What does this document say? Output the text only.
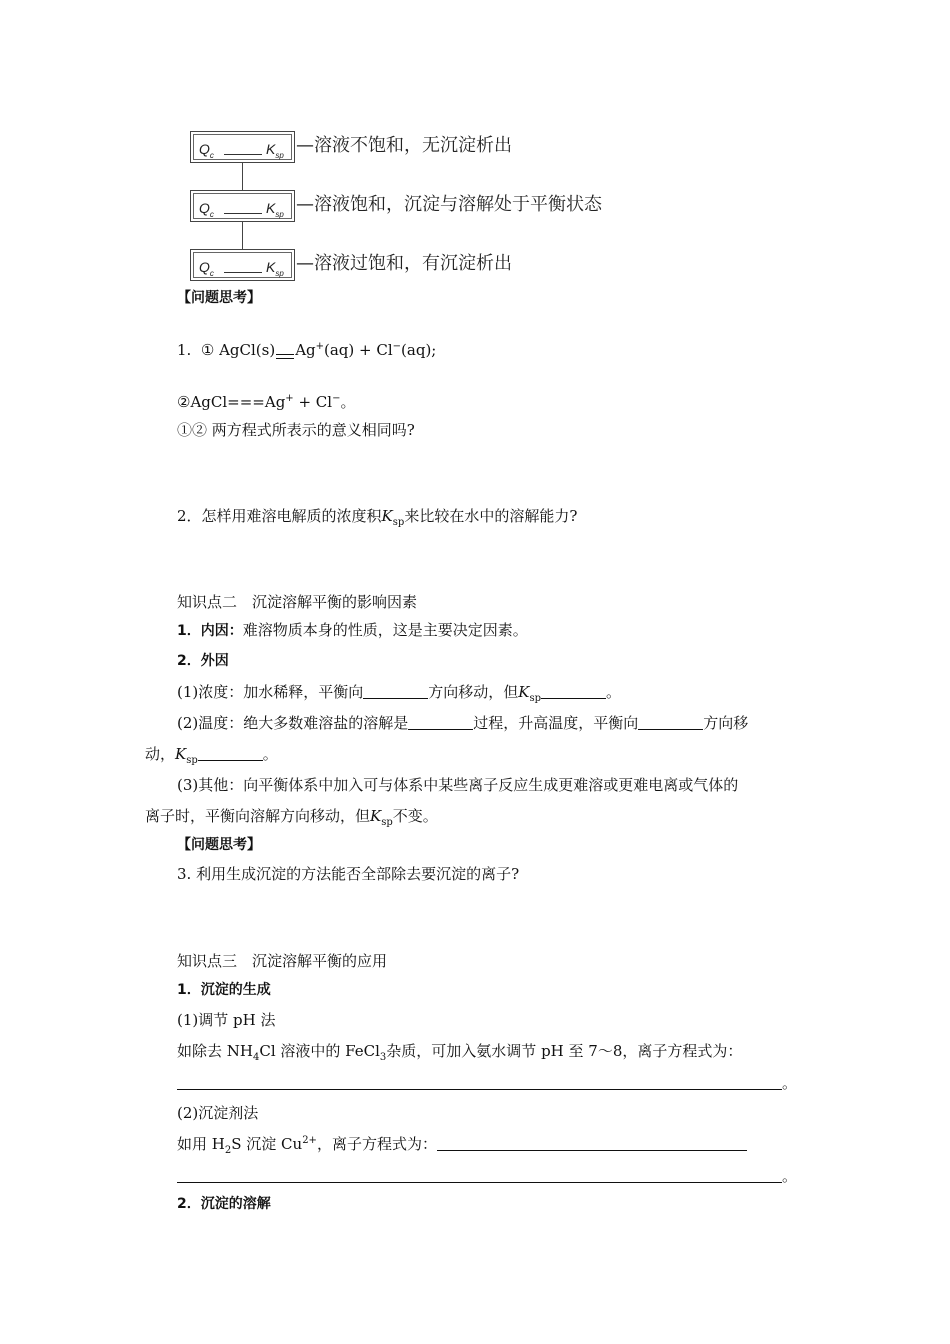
$Q_c$	$K_{sp}$ —溶液不饱和，无沉淀析出
$Q_c$	$K_{sp}$ —溶液饱和，沉淀与溶解处于平衡状态
$Q_c$	$K_{sp}$ —溶液过饱和，有沉淀析出
【问题思考】
1. ① AgCl(s) Ag+(aq) + Cl−(aq);
②AgCl===Ag+ + Cl−。
①② 两方程式所表示的意义相同吗?
2．怎样用难溶电解质的浓度积$K_{sp}$来比较在水中的溶解能力?
知识点二　沉淀溶解平衡的影响因素
1．内因：难溶物质本身的性质，这是主要决定因素。
2．外因
(1)浓度：加水稀释，平衡向	方向移动，但$K_{sp}$	。
(2)温度：绝大多数难溶盐的溶解是	过程，升高温度，平衡向	方向移
动，$K_{sp}$	。
(3)其他：向平衡体系中加入可与体系中某些离子反应生成更难溶或更难电离或气体的
离子时，平衡向溶解方向移动，但$K_{sp}$不变。
【问题思考】
3. 利用生成沉淀的方法能否全部除去要沉淀的离子?
知识点三　沉淀溶解平衡的应用
1．沉淀的生成
(1)调节 pH 法
如除去 $NH_4Cl$ 溶液中的 FeCl$_3$杂质，可加入氨水调节 pH 至 7～8，离子方程式为：
。
(2)沉淀剂法
如用 $H_2S$ 沉淀 $Cu^{2+}$，离子方程式为：
。
2．沉淀的溶解
